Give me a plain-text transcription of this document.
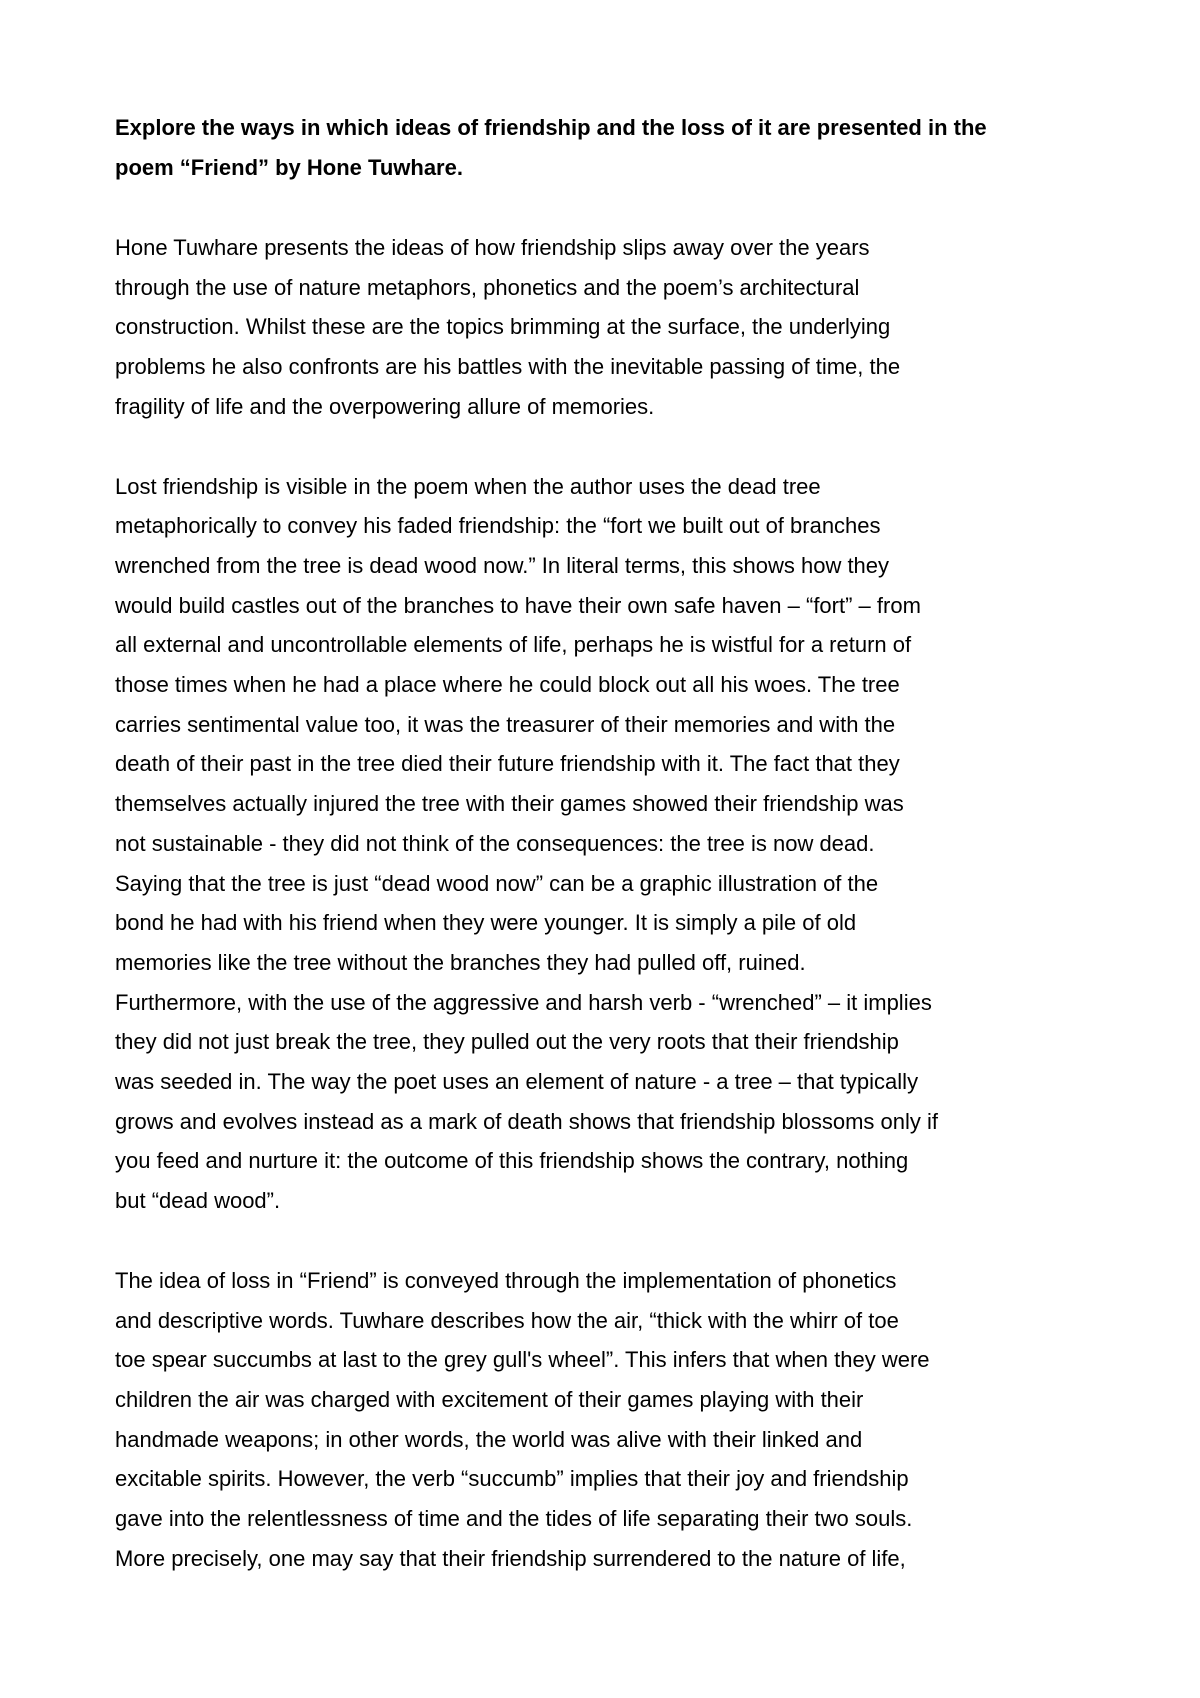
Explore the ways in which ideas of friendship and the loss of it are presented in the
poem “Friend” by Hone Tuwhare.
Hone Tuwhare presents the ideas of how friendship slips away over the years
through the use of nature metaphors, phonetics and the poem’s architectural
construction. Whilst these are the topics brimming at the surface, the underlying
problems he also confronts are his battles with the inevitable passing of time, the
fragility of life and the overpowering allure of memories.
Lost friendship is visible in the poem when the author uses the dead tree
metaphorically to convey his faded friendship: the “fort we built out of branches
wrenched from the tree is dead wood now.” In literal terms, this shows how they
would build castles out of the branches to have their own safe haven – “fort” – from
all external and uncontrollable elements of life, perhaps he is wistful for a return of
those times when he had a place where he could block out all his woes. The tree
carries sentimental value too, it was the treasurer of their memories and with the
death of their past in the tree died their future friendship with it. The fact that they
themselves actually injured the tree with their games showed their friendship was
not sustainable - they did not think of the consequences: the tree is now dead.
Saying that the tree is just “dead wood now” can be a graphic illustration of the
bond he had with his friend when they were younger. It is simply a pile of old
memories like the tree without the branches they had pulled off, ruined.
Furthermore, with the use of the aggressive and harsh verb - “wrenched” – it implies
they did not just break the tree, they pulled out the very roots that their friendship
was seeded in. The way the poet uses an element of nature - a tree – that typically
grows and evolves instead as a mark of death shows that friendship blossoms only if
you feed and nurture it: the outcome of this friendship shows the contrary, nothing
but “dead wood”.
The idea of loss in “Friend” is conveyed through the implementation of phonetics
and descriptive words. Tuwhare describes how the air, “thick with the whirr of toe
toe spear succumbs at last to the grey gull's wheel”. This infers that when they were
children the air was charged with excitement of their games playing with their
handmade weapons; in other words, the world was alive with their linked and
excitable spirits. However, the verb “succumb” implies that their joy and friendship
gave into the relentlessness of time and the tides of life separating their two souls.
More precisely, one may say that their friendship surrendered to the nature of life,
